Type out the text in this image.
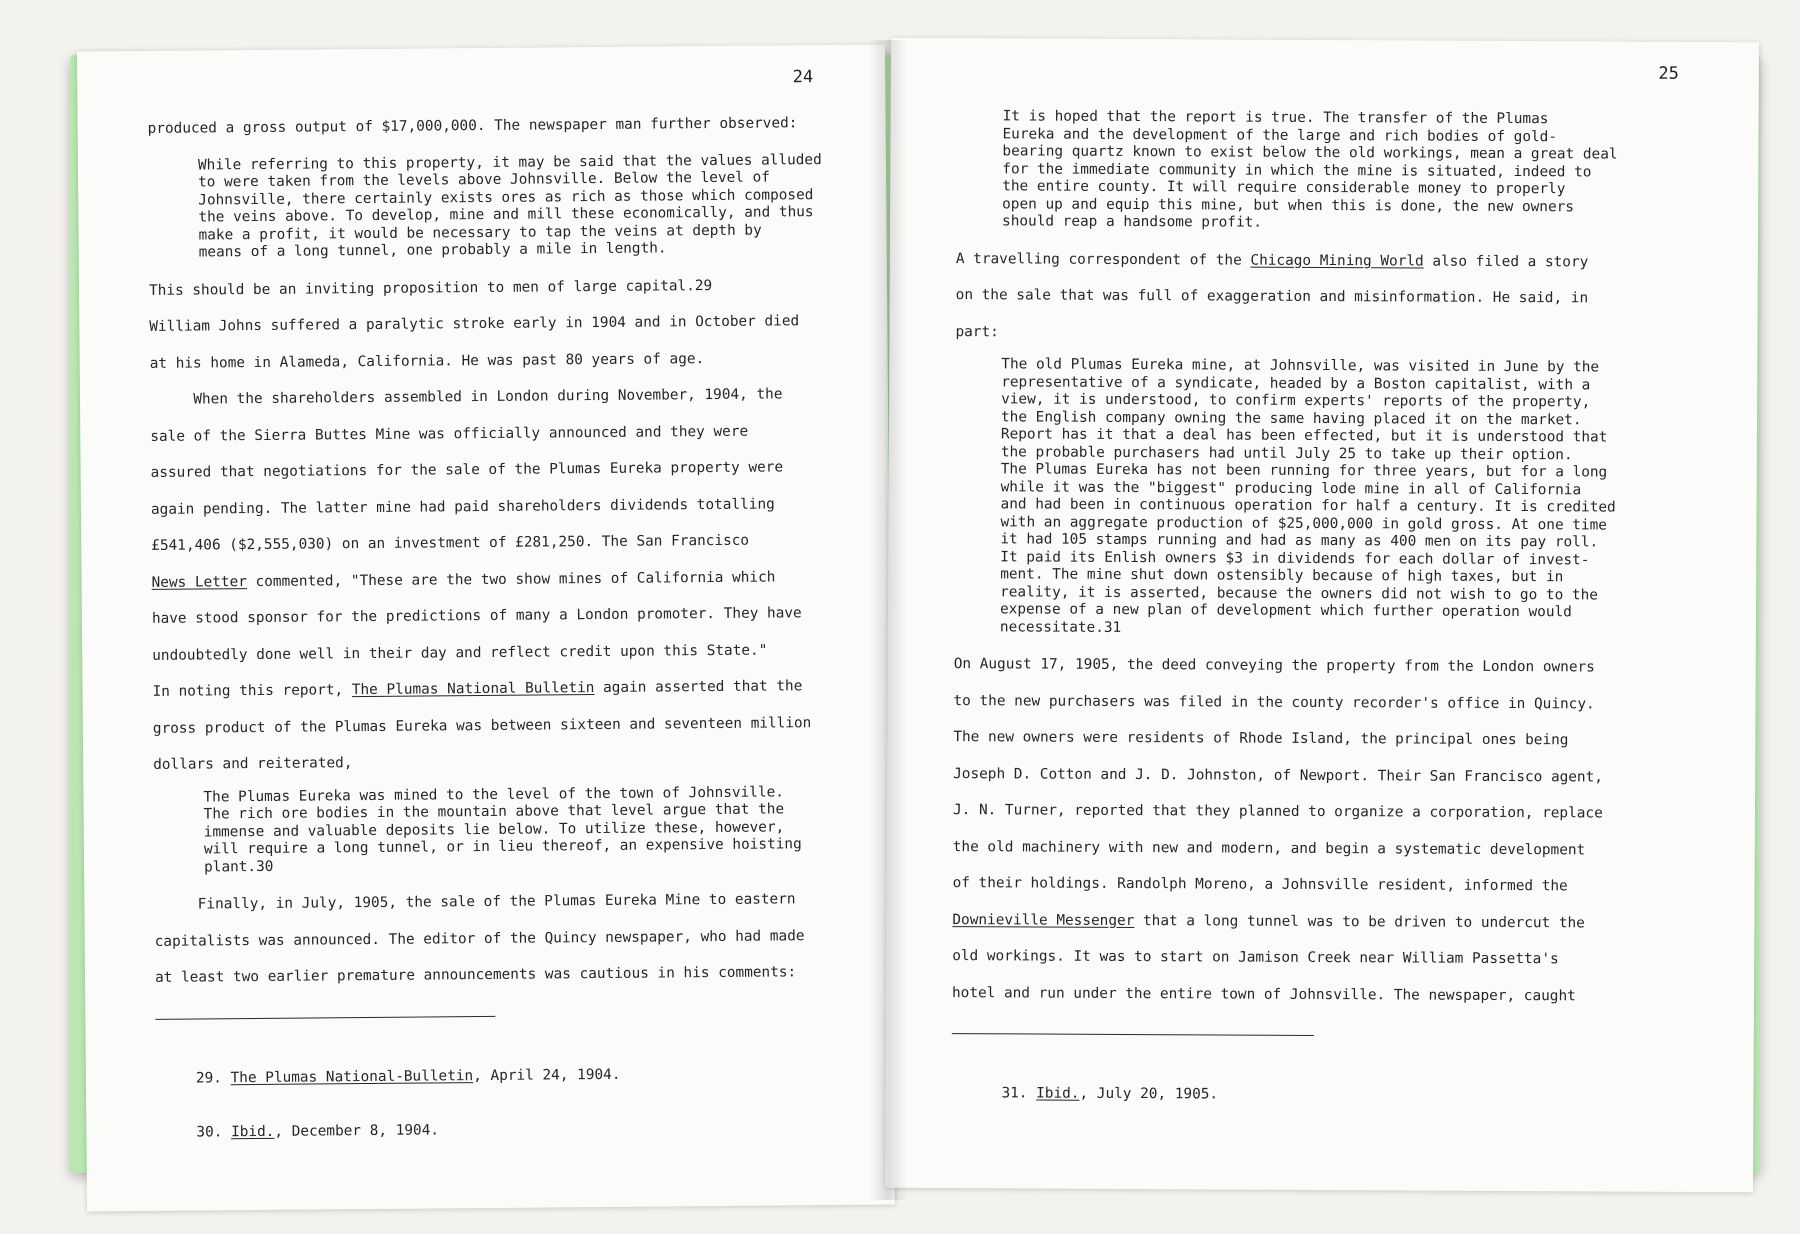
24

produced a gross output of $17,000,000. The newspaper man further observed:

While referring to this property, it may be said that the values alluded
to were taken from the levels above Johnsville. Below the level of
Johnsville, there certainly exists ores as rich as those which composed
the veins above. To develop, mine and mill these economically, and thus
make a profit, it would be necessary to tap the veins at depth by
means of a long tunnel, one probably a mile in length.

This should be an inviting proposition to men of large capital.29

William Johns suffered a paralytic stroke early in 1904 and in October died
at his home in Alameda, California. He was past 80 years of age.

When the shareholders assembled in London during November, 1904, the
sale of the Sierra Buttes Mine was officially announced and they were
assured that negotiations for the sale of the Plumas Eureka property were
again pending. The latter mine had paid shareholders dividends totalling
£541,406 ($2,555,030) on an investment of £281,250. The San Francisco
News Letter commented, "These are the two show mines of California which
have stood sponsor for the predictions of many a London promoter. They have
undoubtedly done well in their day and reflect credit upon this State."

In noting this report, The Plumas National Bulletin again asserted that the
gross product of the Plumas Eureka was between sixteen and seventeen million
dollars and reiterated,

The Plumas Eureka was mined to the level of the town of Johnsville.
The rich ore bodies in the mountain above that level argue that the
immense and valuable deposits lie below. To utilize these, however,
will require a long tunnel, or in lieu thereof, an expensive hoisting
plant.30

Finally, in July, 1905, the sale of the Plumas Eureka Mine to eastern
capitalists was announced. The editor of the Quincy newspaper, who had made
at least two earlier premature announcements was cautious in his comments:

29. The Plumas National-Bulletin, April 24, 1904.

30. Ibid., December 8, 1904.

25

It is hoped that the report is true. The transfer of the Plumas
Eureka and the development of the large and rich bodies of gold-
bearing quartz known to exist below the old workings, mean a great deal
for the immediate community in which the mine is situated, indeed to
the entire county. It will require considerable money to properly
open up and equip this mine, but when this is done, the new owners
should reap a handsome profit.

A travelling correspondent of the Chicago Mining World also filed a story
on the sale that was full of exaggeration and misinformation. He said, in
part:

The old Plumas Eureka mine, at Johnsville, was visited in June by the
representative of a syndicate, headed by a Boston capitalist, with a
view, it is understood, to confirm experts' reports of the property,
the English company owning the same having placed it on the market.
Report has it that a deal has been effected, but it is understood that
the probable purchasers had until July 25 to take up their option.
The Plumas Eureka has not been running for three years, but for a long
while it was the "biggest" producing lode mine in all of California
and had been in continuous operation for half a century. It is credited
with an aggregate production of $25,000,000 in gold gross. At one time
it had 105 stamps running and had as many as 400 men on its pay roll.
It paid its Enlish owners $3 in dividends for each dollar of invest-
ment. The mine shut down ostensibly because of high taxes, but in
reality, it is asserted, because the owners did not wish to go to the
expense of a new plan of development which further operation would
necessitate.31

On August 17, 1905, the deed conveying the property from the London owners
to the new purchasers was filed in the county recorder's office in Quincy.
The new owners were residents of Rhode Island, the principal ones being
Joseph D. Cotton and J. D. Johnston, of Newport. Their San Francisco agent,
J. N. Turner, reported that they planned to organize a corporation, replace
the old machinery with new and modern, and begin a systematic development
of their holdings. Randolph Moreno, a Johnsville resident, informed the
Downieville Messenger that a long tunnel was to be driven to undercut the
old workings. It was to start on Jamison Creek near William Passetta's
hotel and run under the entire town of Johnsville. The newspaper, caught

31. Ibid., July 20, 1905.
